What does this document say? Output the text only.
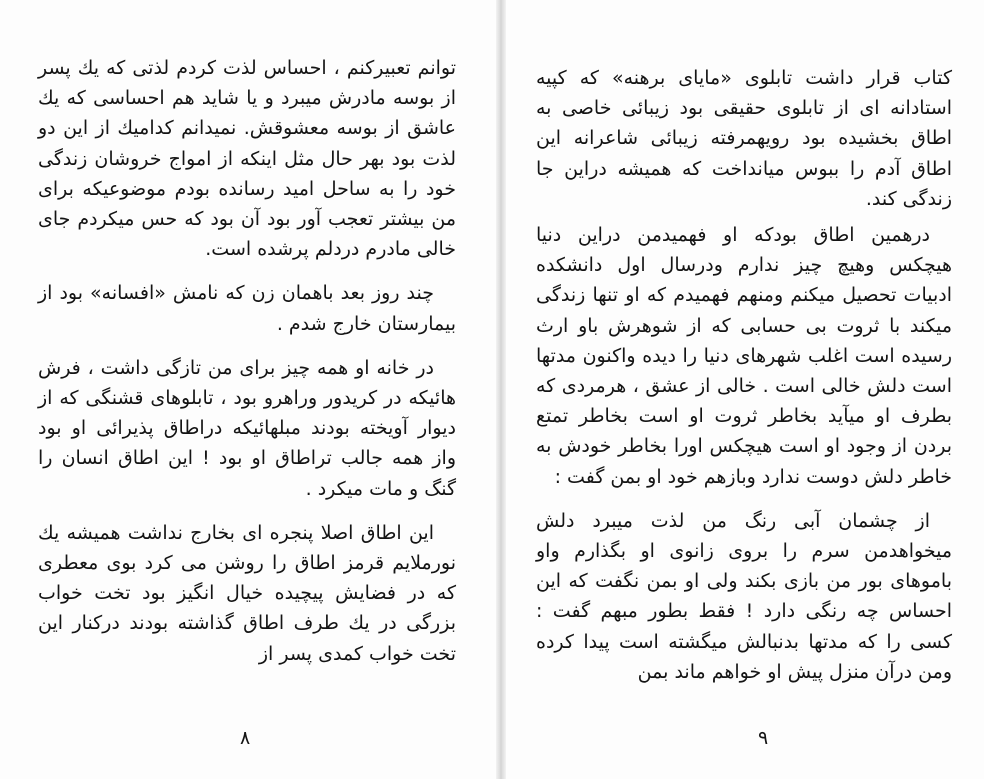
توانم تعبیرکنم ، احساس لذت کردم لذتی که یك پسر از بوسه مادرش میبرد و یا شاید هم احساسی که یك عاشق از بوسه معشوقش. نمیدانم کدامیك از این دو لذت بود بهر حال مثل اینکه از امواج خروشان زندگی خود را به ساحل امید رسانده بودم موضوعیکه برای من بیشتر تعجب آور بود آن بود که حس میکردم جای خالی مادرم دردلم پرشده است.

چند روز بعد باهمان زن که نامش «افسانه» بود از بیمارستان خارج شدم .

در خانه او همه چیز برای من تازگی داشت ، فرش هائیکه در کریدور وراهرو بود ، تابلوهای قشنگی که از دیوار آویخته بودند مبلهائیکه دراطاق پذیرائی او بود واز همه جالب تراطاق او بود ! این اطاق انسان را گنگ و مات میکرد .

این اطاق اصلا پنجره ای بخارج نداشت همیشه یك نورملایم قرمز اطاق را روشن می کرد بوی معطری که در فضایش پیچیده خیال انگیز بود تخت خواب بزرگی در یك طرف اطاق گذاشته بودند درکنار این تخت خواب کمدی پسر از

۸

کتاب قرار داشت تابلوی «مایای برهنه» که کپیه استادانه ای از تابلوی حقیقی بود زیبائی خاصی به اطاق بخشیده بود رویهمرفته زیبائی شاعرانه این اطاق آدم را ببوس میانداخت که همیشه دراین جا زندگی کند.

درهمین اطاق بودکه او فهمیدمن دراین دنیا هیچکس وهیچ چیز ندارم ودرسال اول دانشکده ادبیات تحصیل میکنم ومنهم فهمیدم که او تنها زندگی میکند با ثروت بی حسابی که از شوهرش باو ارث رسیده است اغلب شهرهای دنیا را دیده واکنون مدتها است دلش خالی است . خالی از عشق ، هرمردی که بطرف او میآید بخاطر ثروت او است بخاطر تمتع بردن از وجود او است هیچکس اورا بخاطر خودش به خاطر دلش دوست ندارد وبازهم خود او بمن گفت :

از چشمان آبی رنگ من لذت میبرد دلش میخواهدمن سرم را بروی زانوی او بگذارم واو باموهای بور من بازی بکند ولی او بمن نگفت که این احساس چه رنگی دارد ! فقط بطور مبهم گفت : کسی را که مدتها بدنبالش میگشته است پیدا کرده ومن درآن منزل پیش او خواهم ماند بمن

۹
